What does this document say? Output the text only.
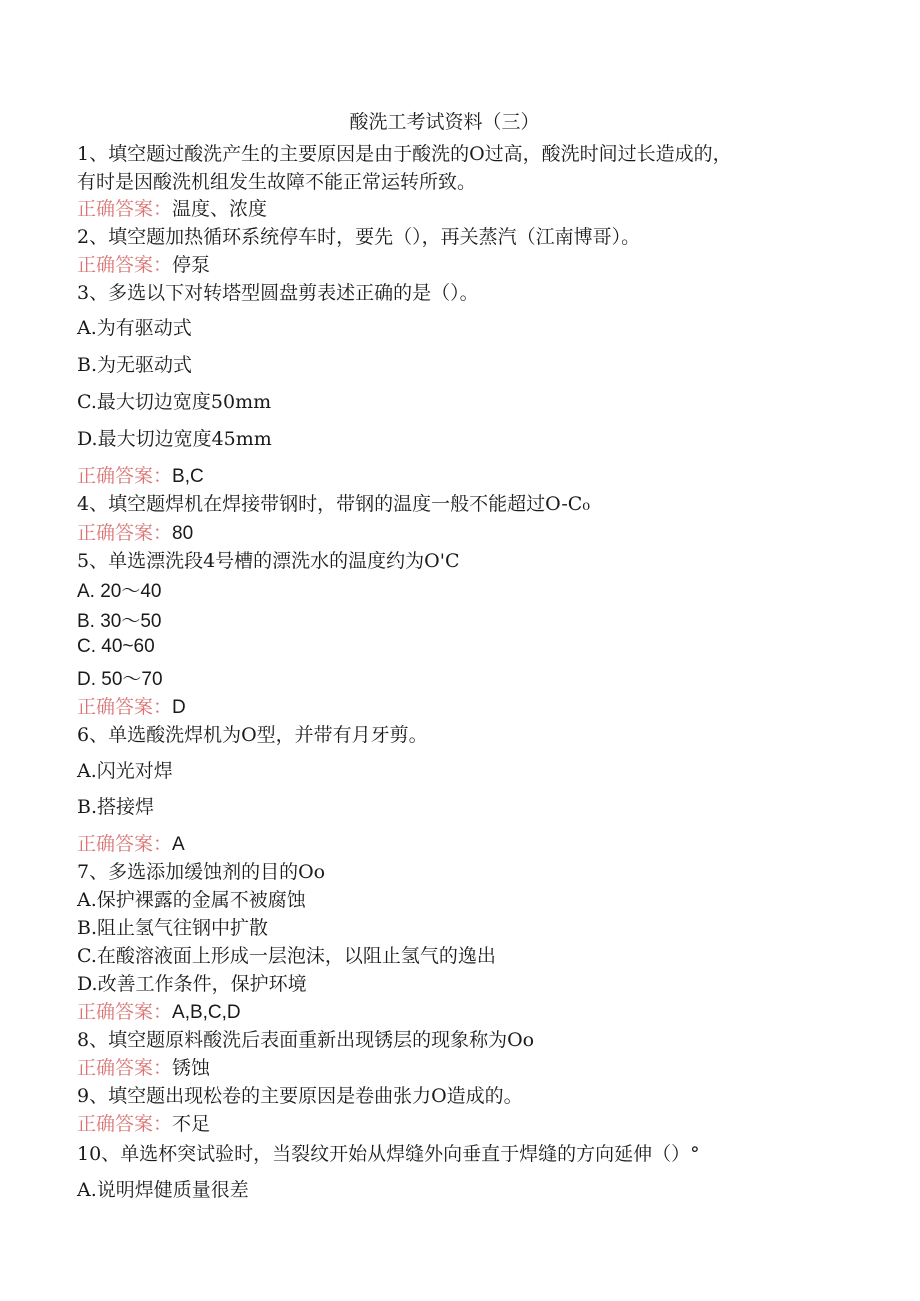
酸洗工考试资料（三）
1、填空题过酸洗产生的主要原因是由于酸洗的O过高，酸洗时间过长造成的，
有时是因酸洗机组发生故障不能正常运转所致。
正确答案：温度、浓度
2、填空题加热循环系统停车时，要先（），再关蒸汽（江南博哥）。
正确答案：停泵
3、多选以下对转塔型圆盘剪表述正确的是（）。
A.为有驱动式
B.为无驱动式
C.最大切边宽度50mm
D.最大切边宽度45mm
正确答案：B,C
4、填空题焊机在焊接带钢时，带钢的温度一般不能超过O-C₀
正确答案：80
5、单选漂洗段4号槽的漂洗水的温度约为O'C
A. 20～40
B. 30～50
C. 40~60
D. 50～70
正确答案：D
6、单选酸洗焊机为O型，并带有月牙剪。
A.闪光对焊
B.搭接焊
正确答案：A
7、多选添加缓蚀剂的目的Oo
A.保护裸露的金属不被腐蚀
B.阻止氢气往钢中扩散
C.在酸溶液面上形成一层泡沫，以阻止氢气的逸出
D.改善工作条件，保护环境
正确答案：A,B,C,D
8、填空题原料酸洗后表面重新出现锈层的现象称为Oo
正确答案：锈蚀
9、填空题出现松卷的主要原因是卷曲张力O造成的。
正确答案：不足
10、单选杯突试验时，当裂纹开始从焊缝外向垂直于焊缝的方向延伸（）°
A.说明焊健质量很差
